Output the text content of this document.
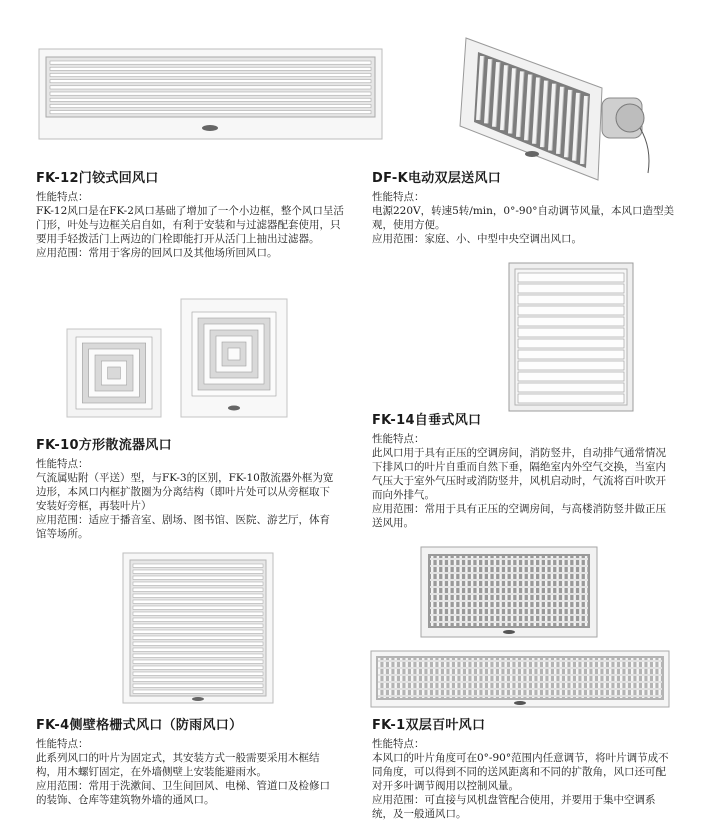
FK-12门铰式回风口
性能特点：

FK-12风口是在FK-2风口基础了增加了一个小边框，整个风口呈活门形，叶处与边框关启自如，有利于安装和与过滤器配套使用，只要用手轻拨活门上两边的门栓即能打开从活门上抽出过滤器。

应用范围：常用于客房的回风口及其他场所回风口。

DF-K电动双层送风口
性能特点：

电源220V，转速5转/min，0°-90°自动调节风量，本风口造型美观，使用方便。

应用范围：家庭、小、中型中央空调出风口。

FK-10方形散流器风口
性能特点：

气流属贴附（平送）型，与FK-3的区别，FK-10散流器外框为宽边形，本风口内框扩散圈为分离结构（即叶片处可以从旁框取下安装好旁框，再装叶片）

应用范围：适应于播音室、剧场、图书馆、医院、游艺厅，体育馆等场所。

FK-14自垂式风口
性能特点：

此风口用于具有正压的空调房间，消防竖井，自动排气通常情况下排风口的叶片自重而自然下垂，隔绝室内外空气交换，当室内气压大于室外气压时或消防竖井，风机启动时，气流将百叶吹开而向外排气。

应用范围：常用于具有正压的空调房间，与高楼消防竖井做正压送风用。

FK-4侧壁格栅式风口（防雨风口）
性能特点：

此系列风口的叶片为固定式，其安装方式一般需要采用木框结构，用木螺钉固定，在外墙侧壁上安装能避雨水。

应用范围：常用于洗漱间、卫生间回风、电梯、管道口及检修口的装饰、仓库等建筑物外墙的通风口。

FK-1双层百叶风口
性能特点：

本风口的叶片角度可在0°-90°范围内任意调节，将叶片调节成不同角度，可以得到不同的送风距离和不同的扩散角，风口还可配对开多叶调节阀用以控制风量。

应用范围：可直接与风机盘管配合使用，并要用于集中空调系统，及一般通风口。
